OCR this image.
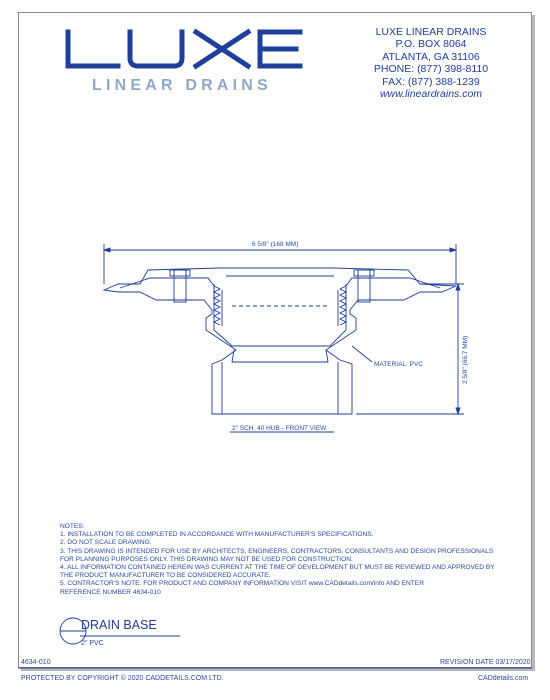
LINEAR DRAINS
LUXE LINEAR DRAINS
P.O. BOX 8064
ATLANTA, GA 31106
PHONE: (877) 398-8110
FAX: (877) 388-1239
www.lineardrains.com
6 5/8" (168 MM)
2 5/8" (66.7 MM)
MATERIAL: PVC
2" SCH. 40 HUB - FRONT VIEW
NOTES:
1. INSTALLATION TO BE COMPLETED IN ACCORDANCE WITH MANUFACTURER'S SPECIFICATIONS.
2. DO NOT SCALE DRAWING.
3. THIS DRAWING IS INTENDED FOR USE BY ARCHITECTS, ENGINEERS, CONTRACTORS, CONSULTANTS AND DESIGN PROFESSIONALS
FOR PLANNING PURPOSES ONLY. THIS DRAWING MAY NOT BE USED FOR CONSTRUCTION.
4. ALL INFORMATION CONTAINED HEREIN WAS CURRENT AT THE TIME OF DEVELOPMENT BUT MUST BE REVIEWED AND APPROVED BY
THE PRODUCT MANUFACTURER TO BE CONSIDERED ACCURATE.
5. CONTRACTOR'S NOTE: FOR PRODUCT AND COMPANY INFORMATION VISIT www.CADdetails.com/info AND ENTER
REFERENCE NUMBER 4634-010
DRAIN BASE
2" PVC
4634-010	REVISION DATE 03/17/2020
PROTECTED BY COPYRIGHT © 2020 CADDETAILS.COM LTD.	CADdetails.com
